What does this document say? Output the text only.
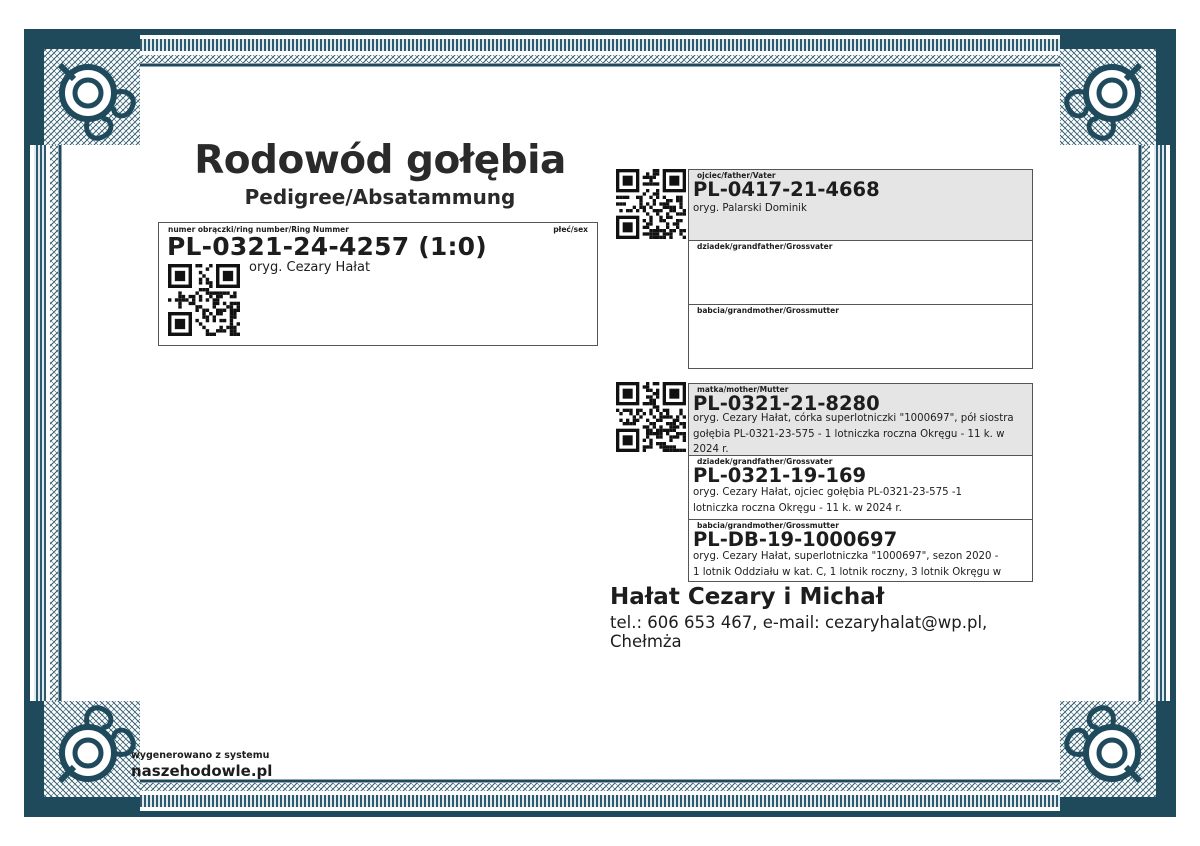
Rodowód gołębia
Pedigree/Absatammung
numer obrączki/ring number/Ring Nummer	płeć/sex
PL-0321-24-4257 (1:0)
oryg. Cezary Hałat
ojciec/father/Vater
PL-0417-21-4668
oryg. Palarski Dominik
dziadek/grandfather/Grossvater
babcia/grandmother/Grossmutter
matka/mother/Mutter
PL-0321-21-8280
oryg. Cezary Hałat, córka superlotniczki "1000697", pół siostra
gołębia PL-0321-23-575 - 1 lotniczka roczna Okręgu - 11 k. w
2024 r.
dziadek/grandfather/Grossvater
PL-0321-19-169
oryg. Cezary Hałat, ojciec gołębia PL-0321-23-575 -1
lotniczka roczna Okręgu - 11 k. w 2024 r.
babcia/grandmother/Grossmutter
PL-DB-19-1000697
oryg. Cezary Hałat, superlotniczka "1000697", sezon 2020 -
1 lotnik Oddziału w kat. C, 1 lotnik roczny, 3 lotnik Okręgu w
Hałat Cezary i Michał
tel.: 606 653 467, e-mail: cezaryhalat@wp.pl,
Chełmża
wygenerowano z systemu
naszehodowle.pl
